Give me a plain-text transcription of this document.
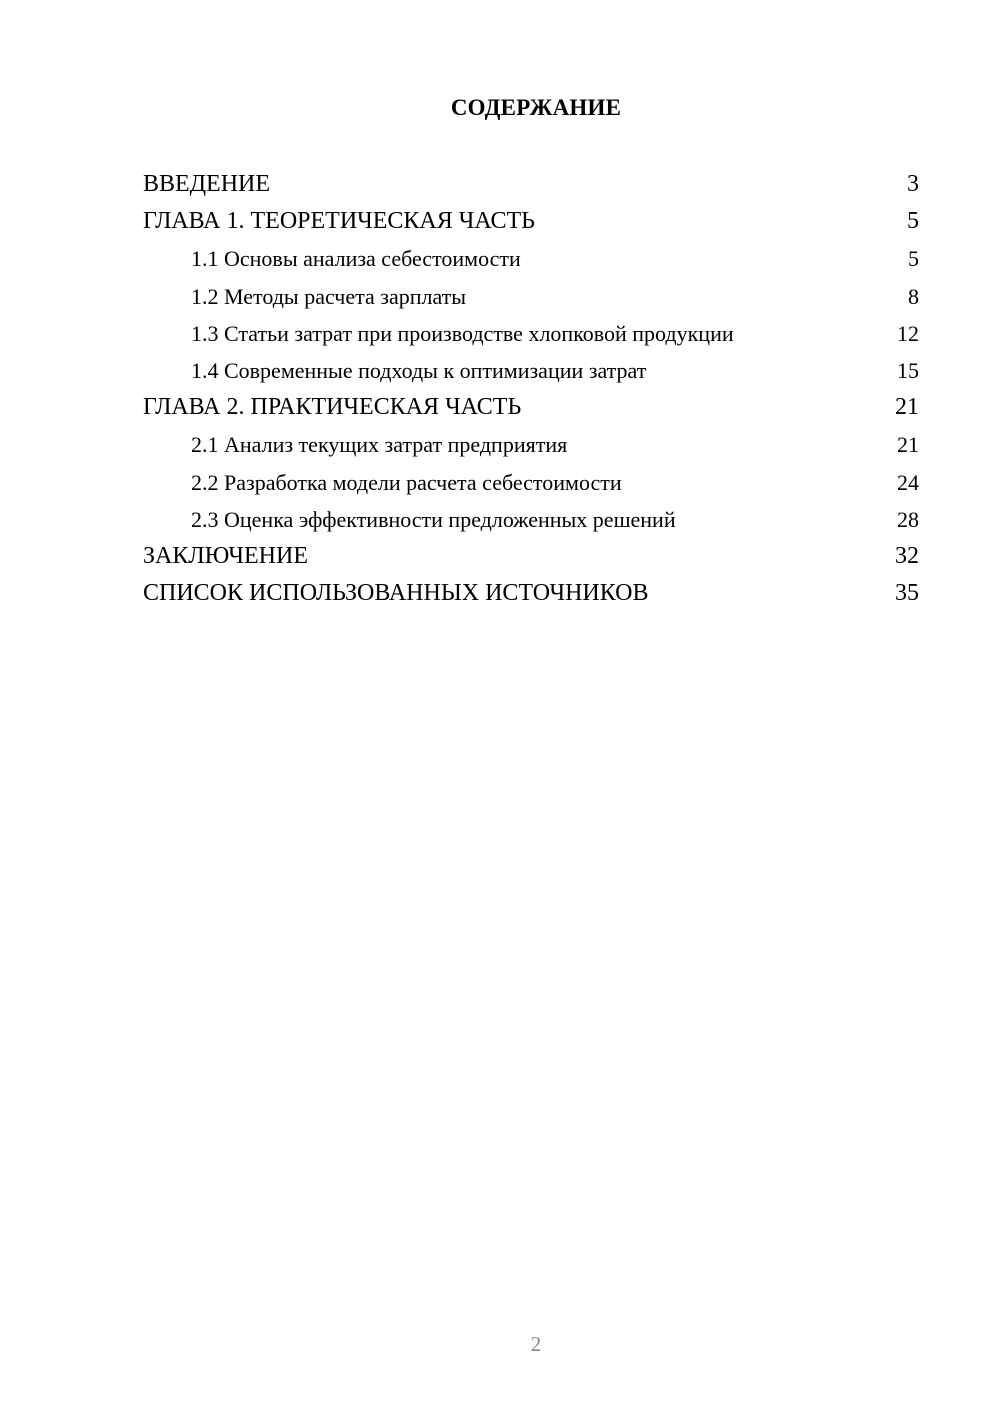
СОДЕРЖАНИЕ
ВВЕДЕНИЕ	3
ГЛАВА 1. ТЕОРЕТИЧЕСКАЯ ЧАСТЬ	5
1.1 Основы анализа себестоимости	5
1.2 Методы расчета зарплаты	8
1.3 Статьи затрат при производстве хлопковой продукции	12
1.4 Современные подходы к оптимизации затрат	15
ГЛАВА 2. ПРАКТИЧЕСКАЯ ЧАСТЬ	21
2.1 Анализ текущих затрат предприятия	21
2.2 Разработка модели расчета себестоимости	24
2.3 Оценка эффективности предложенных решений	28
ЗАКЛЮЧЕНИЕ	32
СПИСОК ИСПОЛЬЗОВАННЫХ ИСТОЧНИКОВ	35
2
